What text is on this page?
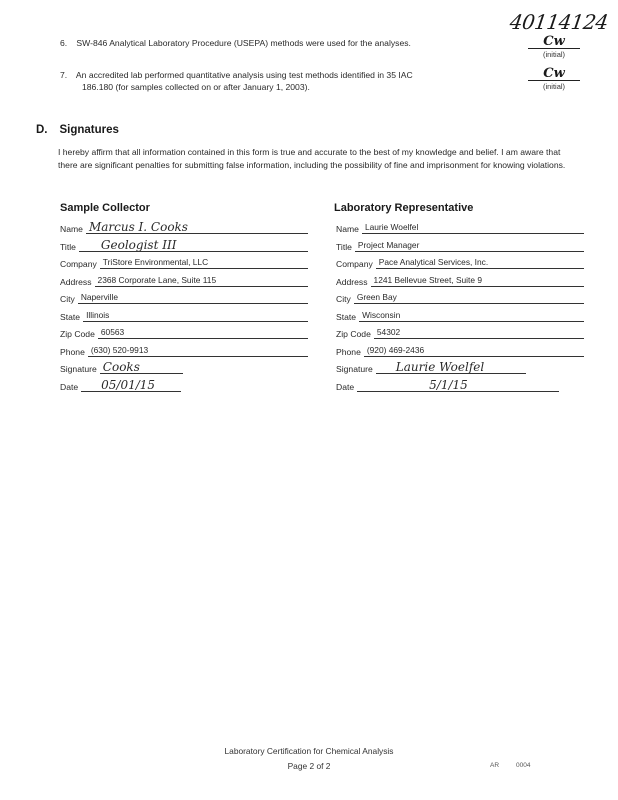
40114124
6. SW-846 Analytical Laboratory Procedure (USEPA) methods were used for the analyses.	Cw
(initial)
7. An accredited lab performed quantitative analysis using test methods identified in 35 IAC
186.180 (for samples collected on or after January 1, 2003).
Cw
(initial)
D. Signatures
I hereby affirm that all information contained in this form is true and accurate to the best of my knowledge and belief. I am aware that there are significant penalties for submitting false information, including the possibility of fine and imprisonment for knowing violations.
Sample Collector
Name Marcus I. Cooks
Title	Geologist III
Company TriStore Environmental, LLC
Address 2368 Corporate Lane, Suite 115
City Naperville
State Illinois
Zip Code 60563
Phone (630) 520-9913
Signature Cooks
Date	05/01/15
Laboratory Representative
Name Laurie Woelfel
Title Project Manager
Company Pace Analytical Services, Inc.
Address 1241 Bellevue Street, Suite 9
City Green Bay
State Wisconsin
Zip Code 54302
Phone (920) 469-2436
Signature	Laurie Woelfel
Date	5/1/15
Laboratory Certification for Chemical Analysis
Page 2 of 2	AR	0004
